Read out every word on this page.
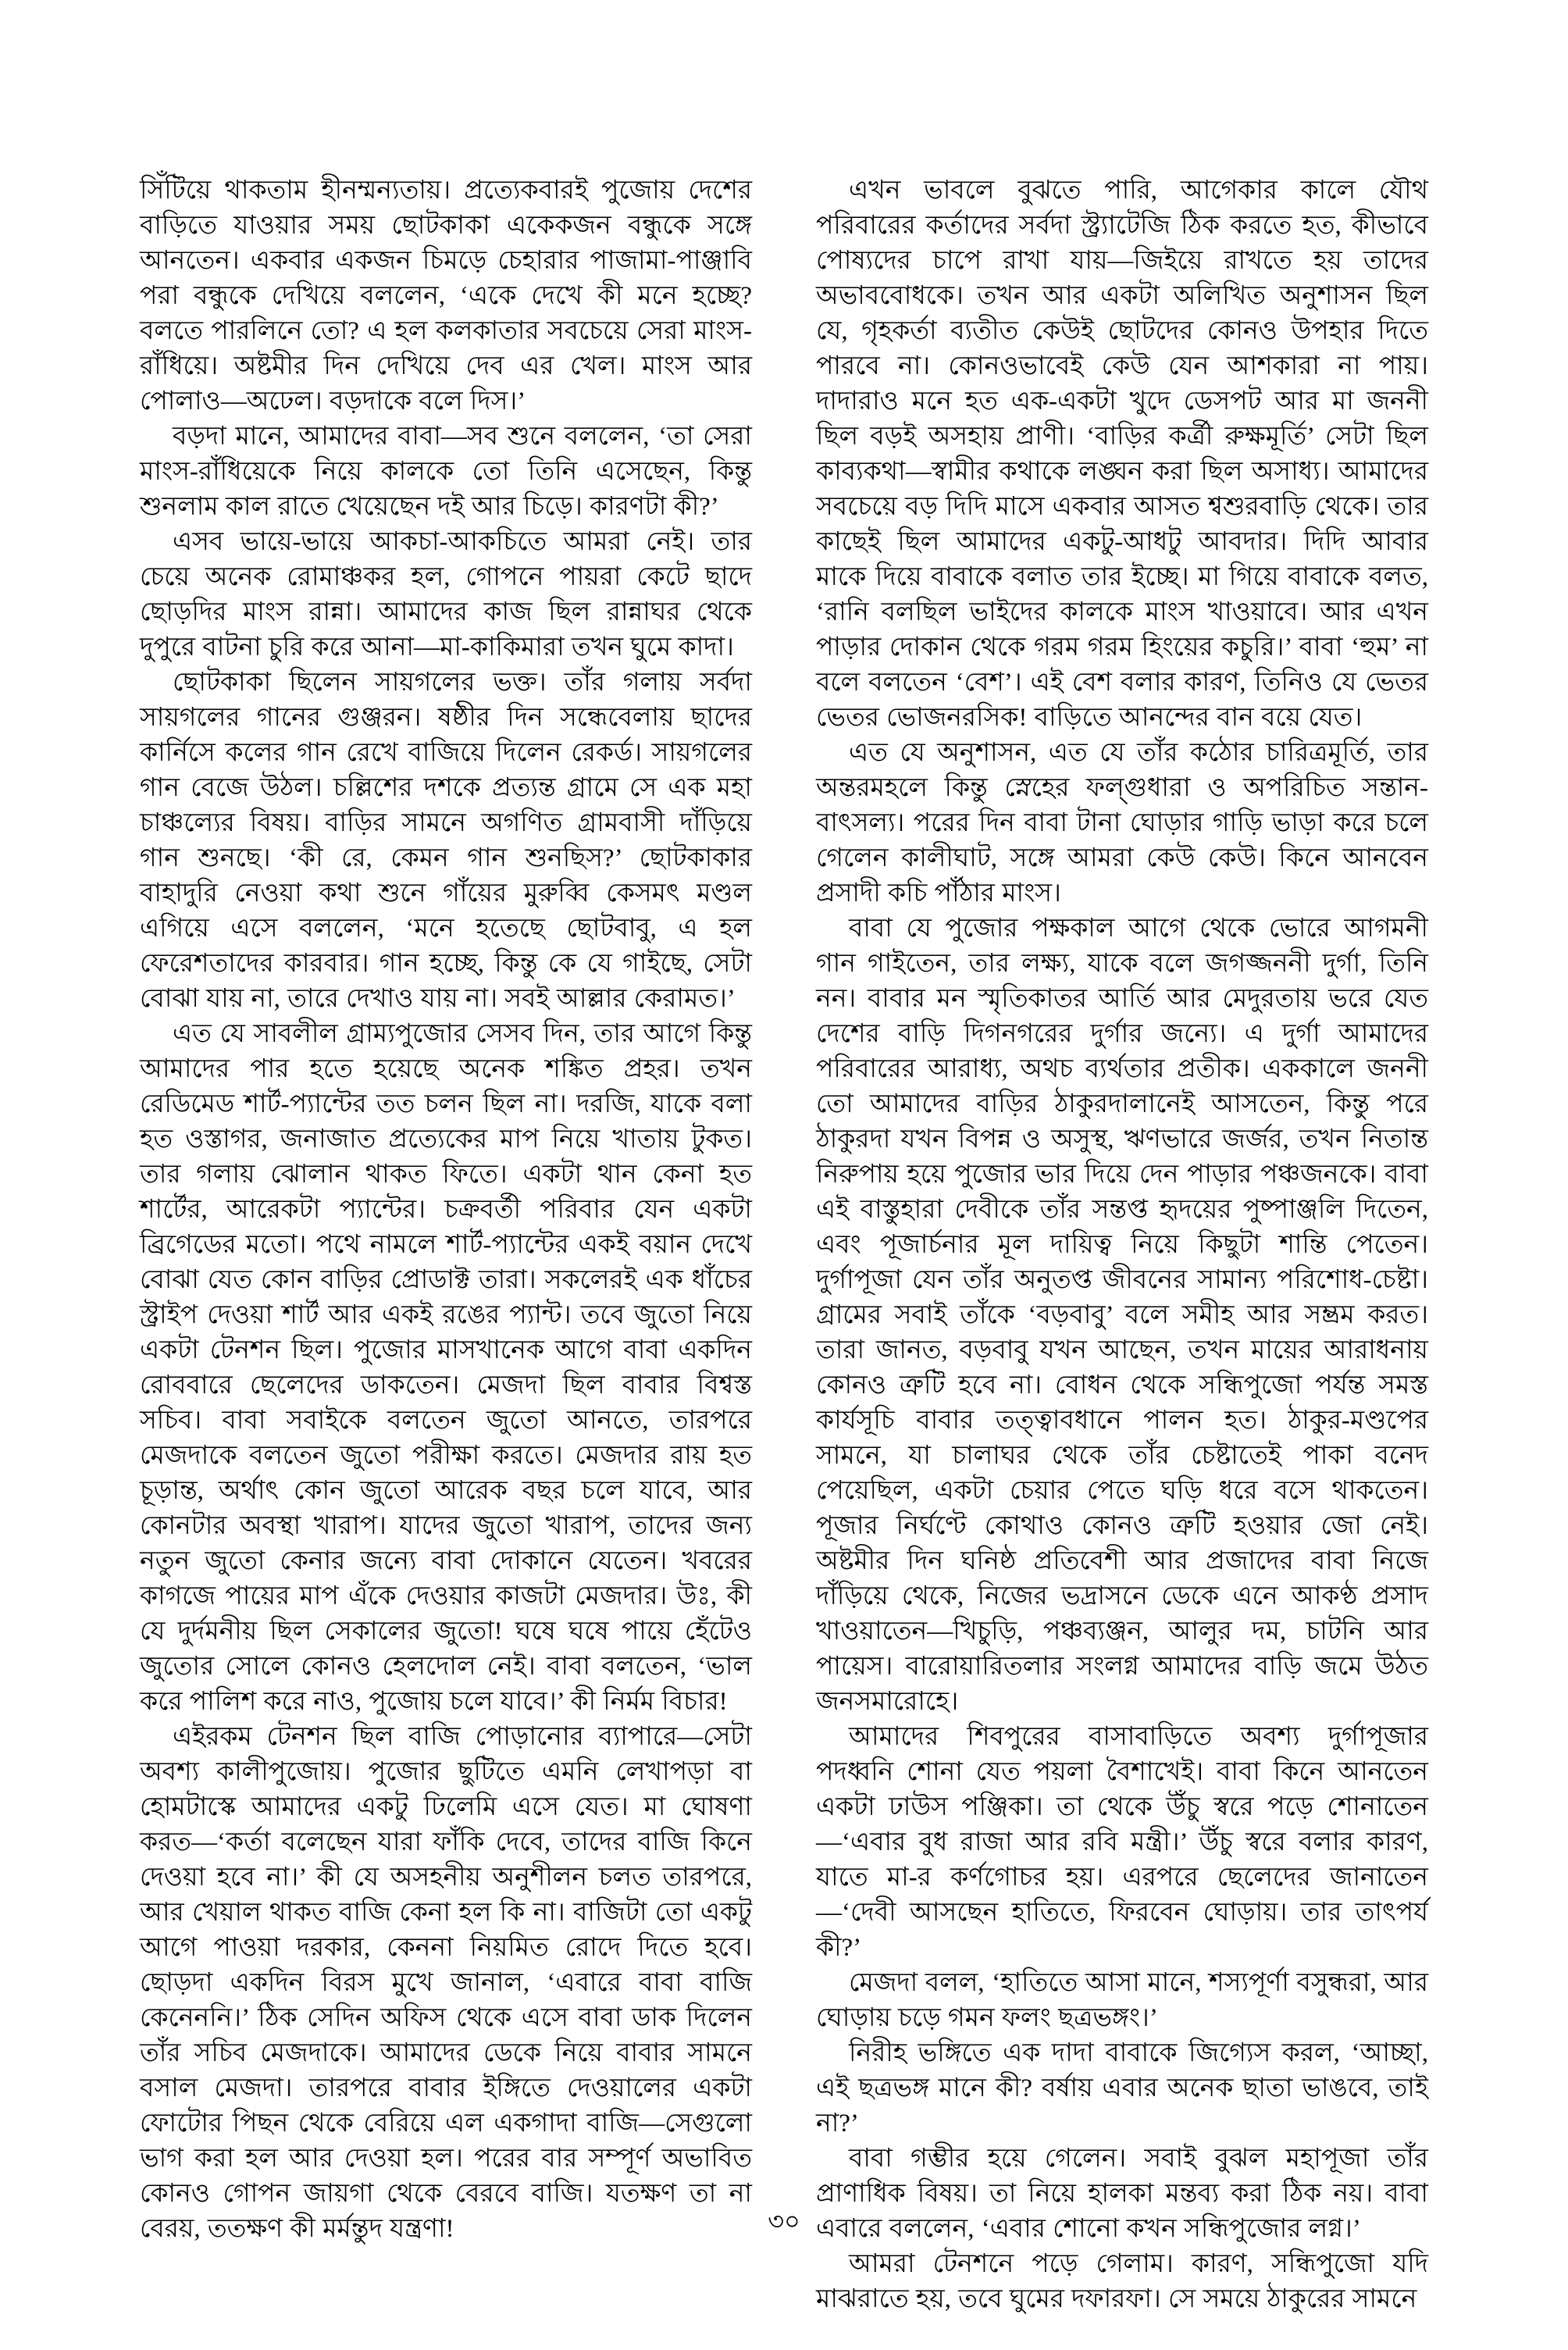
সিঁটিয়ে থাকতাম হীনম্মন্যতায়। প্রত্যেকবারই পুজোয় দেশের বাড়িতে যাওয়ার সময় ছোটকাকা একেকজন বন্ধুকে সঙ্গে আনতেন। একবার একজন চিমড়ে চেহারার পাজামা-পাঞ্জাবি পরা বন্ধুকে দেখিয়ে বললেন, ‘একে দেখে কী মনে হচ্ছে? বলতে পারলিনে তো? এ হল কলকাতার সবচেয়ে সেরা মাংস-রাঁধিয়ে। অষ্টমীর দিন দেখিয়ে দেব এর খেল। মাংস আর পোলাও—অঢেল। বড়দাকে বলে দিস।’

বড়দা মানে, আমাদের বাবা—সব শুনে বললেন, ‘তা সেরা মাংস-রাঁধিয়েকে নিয়ে কালকে তো তিনি এসেছেন, কিন্তু শুনলাম কাল রাতে খেয়েছেন দই আর চিড়ে। কারণটা কী?’

এসব ভায়ে-ভায়ে আকচা-আকচিতে আমরা নেই। তার চেয়ে অনেক রোমাঞ্চকর হল, গোপনে পায়রা কেটে ছাদে ছোড়দির মাংস রান্না। আমাদের কাজ ছিল রান্নাঘর থেকে দুপুরে বাটনা চুরি করে আনা—মা-কাকিমারা তখন ঘুমে কাদা।

ছোটকাকা ছিলেন সায়গলের ভক্ত। তাঁর গলায় সর্বদা সায়গলের গানের গুঞ্জরন। ষষ্ঠীর দিন সন্ধেবেলায় ছাদের কার্নিসে কলের গান রেখে বাজিয়ে দিলেন রেকর্ড। সায়গলের গান বেজে উঠল। চল্লিশের দশকে প্রত্যন্ত গ্রামে সে এক মহা চাঞ্চল্যের বিষয়। বাড়ির সামনে অগণিত গ্রামবাসী দাঁড়িয়ে গান শুনছে। ‘কী রে, কেমন গান শুনছিস?’ ছোটকাকার বাহাদুরি নেওয়া কথা শুনে গাঁয়ের মুরুব্বি কেসমৎ মণ্ডল এগিয়ে এসে বললেন, ‘মনে হতেছে ছোটবাবু, এ হল ফেরেশতাদের কারবার। গান হচ্ছে, কিন্তু কে যে গাইছে, সেটা বোঝা যায় না, তারে দেখাও যায় না। সবই আল্লার কেরামত।’

এত যে সাবলীল গ্রাম্যপুজোর সেসব দিন, তার আগে কিন্তু আমাদের পার হতে হয়েছে অনেক শঙ্কিত প্রহর। তখন রেডিমেড শার্ট-প্যান্টের তত চলন ছিল না। দরজি, যাকে বলা হত ওস্তাগর, জনাজাত প্রত্যেকের মাপ নিয়ে খাতায় টুকত। তার গলায় ঝোলান থাকত ফিতে। একটা থান কেনা হত শার্টের, আরেকটা প্যান্টের। চক্রবর্তী পরিবার যেন একটা ব্রিগেডের মতো। পথে নামলে শার্ট-প্যান্টের একই বয়ান দেখে বোঝা যেত কোন বাড়ির প্রোডাক্ট তারা। সকলেরই এক ধাঁচের স্ট্রাইপ দেওয়া শার্ট আর একই রঙের প্যান্ট। তবে জুতো নিয়ে একটা টেনশন ছিল। পুজোর মাসখানেক আগে বাবা একদিন রোববারে ছেলেদের ডাকতেন। মেজদা ছিল বাবার বিশ্বস্ত সচিব। বাবা সবাইকে বলতেন জুতো আনতে, তারপরে মেজদাকে বলতেন জুতো পরীক্ষা করতে। মেজদার রায় হত চূড়ান্ত, অর্থাৎ কোন জুতো আরেক বছর চলে যাবে, আর কোনটার অবস্থা খারাপ। যাদের জুতো খারাপ, তাদের জন্য নতুন জুতো কেনার জন্যে বাবা দোকানে যেতেন। খবরের কাগজে পায়ের মাপ এঁকে দেওয়ার কাজটা মেজদার। উঃ, কী যে দুর্দমনীয় ছিল সেকালের জুতো! ঘষে ঘষে পায়ে হেঁটেও জুতোর সোলে কোনও হেলদোল নেই। বাবা বলতেন, ‘ভাল করে পালিশ করে নাও, পুজোয় চলে যাবে।’ কী নির্মম বিচার!

এইরকম টেনশন ছিল বাজি পোড়ানোর ব্যাপারে—সেটা অবশ্য কালীপুজোয়। পুজোর ছুটিতে এমনি লেখাপড়া বা হোমটাস্কে আমাদের একটু ঢিলেমি এসে যেত। মা ঘোষণা করত—‘কর্তা বলেছেন যারা ফাঁকি দেবে, তাদের বাজি কিনে দেওয়া হবে না।’ কী যে অসহনীয় অনুশীলন চলত তারপরে, আর খেয়াল থাকত বাজি কেনা হল কি না। বাজিটা তো একটু আগে পাওয়া দরকার, কেননা নিয়মিত রোদে দিতে হবে। ছোড়দা একদিন বিরস মুখে জানাল, ‘এবারে বাবা বাজি কেনেননি।’ ঠিক সেদিন অফিস থেকে এসে বাবা ডাক দিলেন তাঁর সচিব মেজদাকে। আমাদের ডেকে নিয়ে বাবার সামনে বসাল মেজদা। তারপরে বাবার ইঙ্গিতে দেওয়ালের একটা ফোটোর পিছন থেকে বেরিয়ে এল একগাদা বাজি—সেগুলো ভাগ করা হল আর দেওয়া হল। পরের বার সম্পূর্ণ অভাবিত কোনও গোপন জায়গা থেকে বেরবে বাজি। যতক্ষণ তা না বেরয়, ততক্ষণ কী মর্মন্তুদ যন্ত্রণা!

এখন ভাবলে বুঝতে পারি, আগেকার কালে যৌথ পরিবারের কর্তাদের সর্বদা স্ট্র্যাটেজি ঠিক করতে হত, কীভাবে পোষ্যদের চাপে রাখা যায়—জিইয়ে রাখতে হয় তাদের অভাববোধকে। তখন আর একটা অলিখিত অনুশাসন ছিল যে, গৃহকর্তা ব্যতীত কেউই ছোটদের কোনও উপহার দিতে পারবে না। কোনওভাবেই কেউ যেন আশকারা না পায়। দাদারাও মনে হত এক-একটা খুদে ডেসপট আর মা জননী ছিল বড়ই অসহায় প্রাণী। ‘বাড়ির কর্ত্রী রুক্ষমূর্তি’ সেটা ছিল কাব্যকথা—স্বামীর কথাকে লঙ্ঘন করা ছিল অসাধ্য। আমাদের সবচেয়ে বড় দিদি মাসে একবার আসত শ্বশুরবাড়ি থেকে। তার কাছেই ছিল আমাদের একটু-আধটু আবদার। দিদি আবার মাকে দিয়ে বাবাকে বলাত তার ইচ্ছে। মা গিয়ে বাবাকে বলত, ‘রানি বলছিল ভাইদের কালকে মাংস খাওয়াবে। আর এখন পাড়ার দোকান থেকে গরম গরম হিংয়ের কচুরি।’ বাবা ‘হুম’ না বলে বলতেন ‘বেশ’। এই বেশ বলার কারণ, তিনিও যে ভেতর ভেতর ভোজনরসিক! বাড়িতে আনন্দের বান বয়ে যেত।

এত যে অনুশাসন, এত যে তাঁর কঠোর চারিত্রমূর্তি, তার অন্তরমহলে কিন্তু স্নেহের ফল্গুধারা ও অপরিচিত সন্তান-বাৎসল্য। পরের দিন বাবা টানা ঘোড়ার গাড়ি ভাড়া করে চলে গেলেন কালীঘাট, সঙ্গে আমরা কেউ কেউ। কিনে আনবেন প্রসাদী কচি পাঁঠার মাংস।

বাবা যে পুজোর পক্ষকাল আগে থেকে ভোরে আগমনী গান গাইতেন, তার লক্ষ্য, যাকে বলে জগজ্জননী দুর্গা, তিনি নন। বাবার মন স্মৃতিকাতর আর্তি আর মেদুরতায় ভরে যেত দেশের বাড়ি দিগনগরের দুর্গার জন্যে। এ দুর্গা আমাদের পরিবারের আরাধ্য, অথচ ব্যর্থতার প্রতীক। এককালে জননী তো আমাদের বাড়ির ঠাকুরদালানেই আসতেন, কিন্তু পরে ঠাকুরদা যখন বিপন্ন ও অসুস্থ, ঋণভারে জর্জর, তখন নিতান্ত নিরুপায় হয়ে পুজোর ভার দিয়ে দেন পাড়ার পঞ্চজনকে। বাবা এই বাস্তুহারা দেবীকে তাঁর সন্তপ্ত হৃদয়ের পুষ্পাঞ্জলি দিতেন, এবং পূজার্চনার মূল দায়িত্ব নিয়ে কিছুটা শান্তি পেতেন। দুর্গাপূজা যেন তাঁর অনুতপ্ত জীবনের সামান্য পরিশোধ-চেষ্টা। গ্রামের সবাই তাঁকে ‘বড়বাবু’ বলে সমীহ আর সম্ভ্রম করত। তারা জানত, বড়বাবু যখন আছেন, তখন মায়ের আরাধনায় কোনও ত্রুটি হবে না। বোধন থেকে সন্ধিপুজো পর্যন্ত সমস্ত কার্যসূচি বাবার তত্ত্বাবধানে পালন হত। ঠাকুর-মণ্ডপের সামনে, যা চালাঘর থেকে তাঁর চেষ্টাতেই পাকা বনেদ পেয়েছিল, একটা চেয়ার পেতে ঘড়ি ধরে বসে থাকতেন। পূজার নির্ঘণ্টে কোথাও কোনও ত্রুটি হওয়ার জো নেই। অষ্টমীর দিন ঘনিষ্ঠ প্রতিবেশী আর প্রজাদের বাবা নিজে দাঁড়িয়ে থেকে, নিজের ভদ্রাসনে ডেকে এনে আকণ্ঠ প্রসাদ খাওয়াতেন—খিচুড়ি, পঞ্চব্যঞ্জন, আলুর দম, চাটনি আর পায়েস। বারোয়ারিতলার সংলগ্ন আমাদের বাড়ি জমে উঠত জনসমারোহে।

আমাদের শিবপুরের বাসাবাড়িতে অবশ্য দুর্গাপূজার পদধ্বনি শোনা যেত পয়লা বৈশাখেই। বাবা কিনে আনতেন একটা ঢাউস পঞ্জিকা। তা থেকে উঁচু স্বরে পড়ে শোনাতেন—‘এবার বুধ রাজা আর রবি মন্ত্রী।’ উঁচু স্বরে বলার কারণ, যাতে মা-র কর্ণগোচর হয়। এরপরে ছেলেদের জানাতেন—‘দেবী আসছেন হাতিতে, ফিরবেন ঘোড়ায়। তার তাৎপর্য কী?’

মেজদা বলল, ‘হাতিতে আসা মানে, শস্যপূর্ণা বসুন্ধরা, আর ঘোড়ায় চড়ে গমন ফলং ছত্রভঙ্গং।’

নিরীহ ভঙ্গিতে এক দাদা বাবাকে জিগ্যেস করল, ‘আচ্ছা, এই ছত্রভঙ্গ মানে কী? বর্ষায় এবার অনেক ছাতা ভাঙবে, তাই না?’

বাবা গম্ভীর হয়ে গেলেন। সবাই বুঝল মহাপূজা তাঁর প্রাণাধিক বিষয়। তা নিয়ে হালকা মন্তব্য করা ঠিক নয়। বাবা এবারে বললেন, ‘এবার শোনো কখন সন্ধিপুজোর লগ্ন।’

আমরা টেনশনে পড়ে গেলাম। কারণ, সন্ধিপুজো যদি মাঝরাতে হয়, তবে ঘুমের দফারফা। সে সময়ে ঠাকুরের সামনে

৩০
